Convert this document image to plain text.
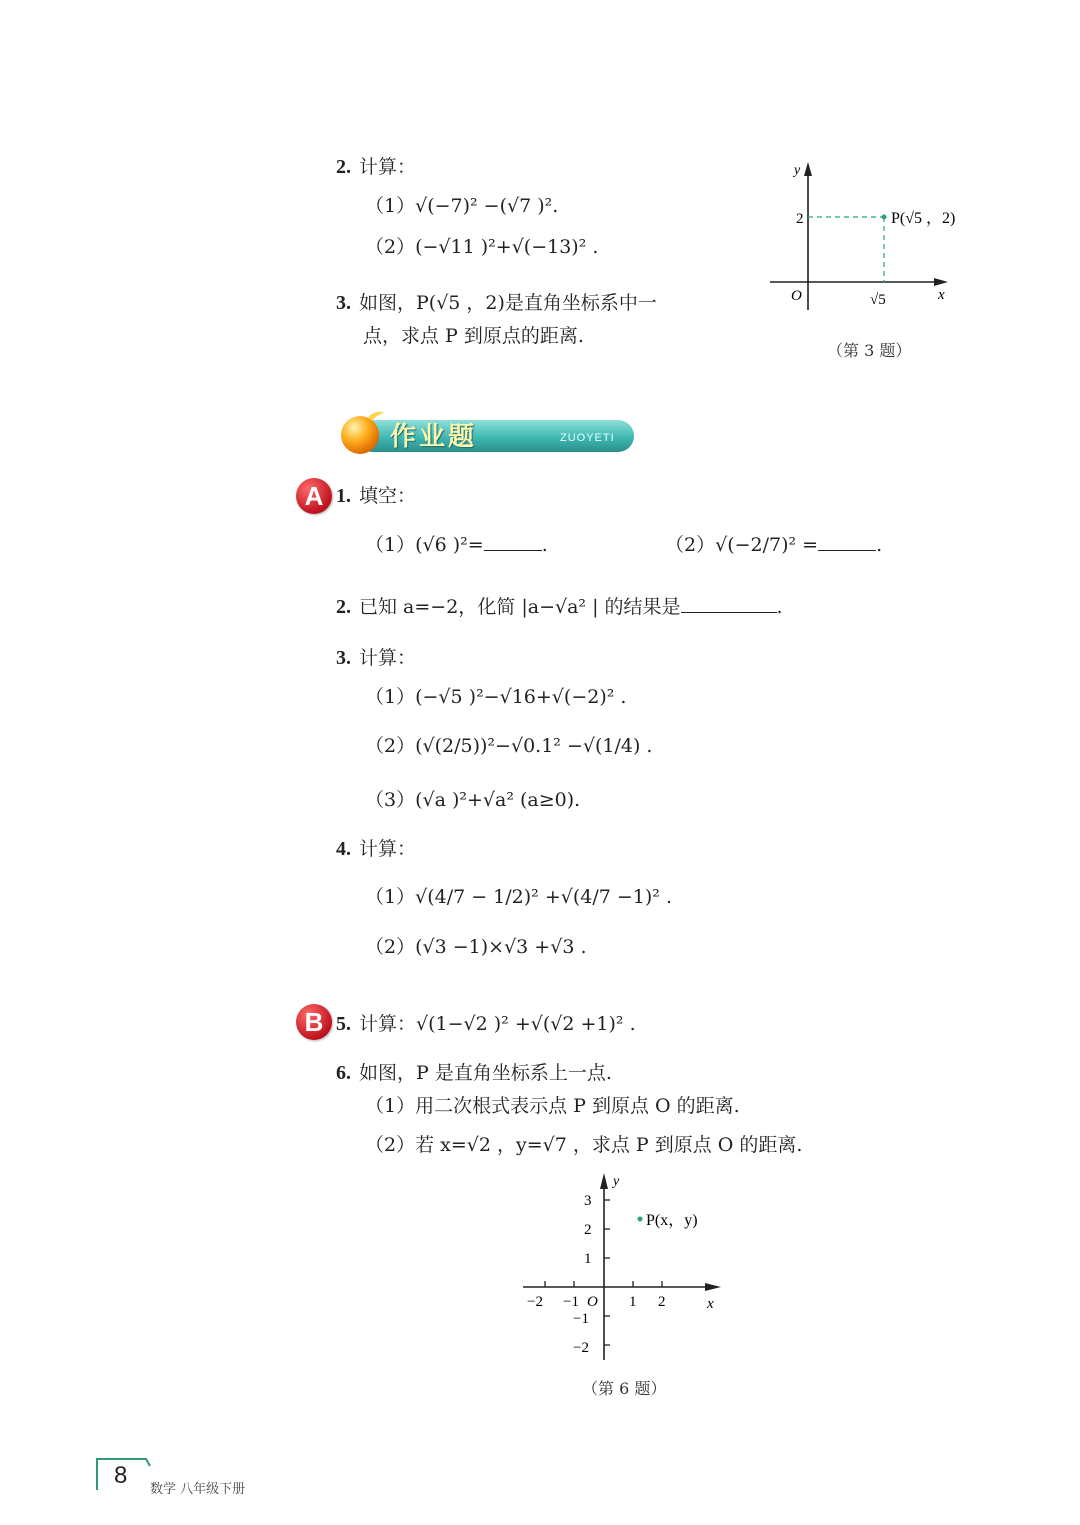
2. 计算：
（1）√(−7)² −(√7 )².
（2）(−√11 )²+√(−13)² .
3. 如图，P(√5 ，2)是直角坐标系中一
点，求点 P 到原点的距离.
y
2
O	√5	x
P(√5 ，2)
（第 3 题）
作业题	ZUOYETI
A 1. 填空：
（1）(√6 )²=	.	（2）√(−2/7)² =	.
2. 已知 a=−2，化简 |a−√a² | 的结果是	.
3. 计算：
（1）(−√5 )²−√16+√(−2)² .
（2）(√(2/5))²−√0.1² −√(1/4) .
（3）(√a )²+√a² (a≥0).
4. 计算：
（1）√(4/7 − 1/2)² +√(4/7 −1)² .
（2）(√3 −1)×√3 +√3 .
B 5. 计算：√(1−√2 )² +√(√2 +1)² .
6. 如图，P 是直角坐标系上一点.
（1）用二次根式表示点 P 到原点 O 的距离.
（2）若 x=√2 ，y=√7 ，求点 P 到原点 O 的距离.
y
3
2
1
−1
−2
−2 −1 O 1 2	x
P(x，y)
（第 6 题）
8
数学 八年级下册
